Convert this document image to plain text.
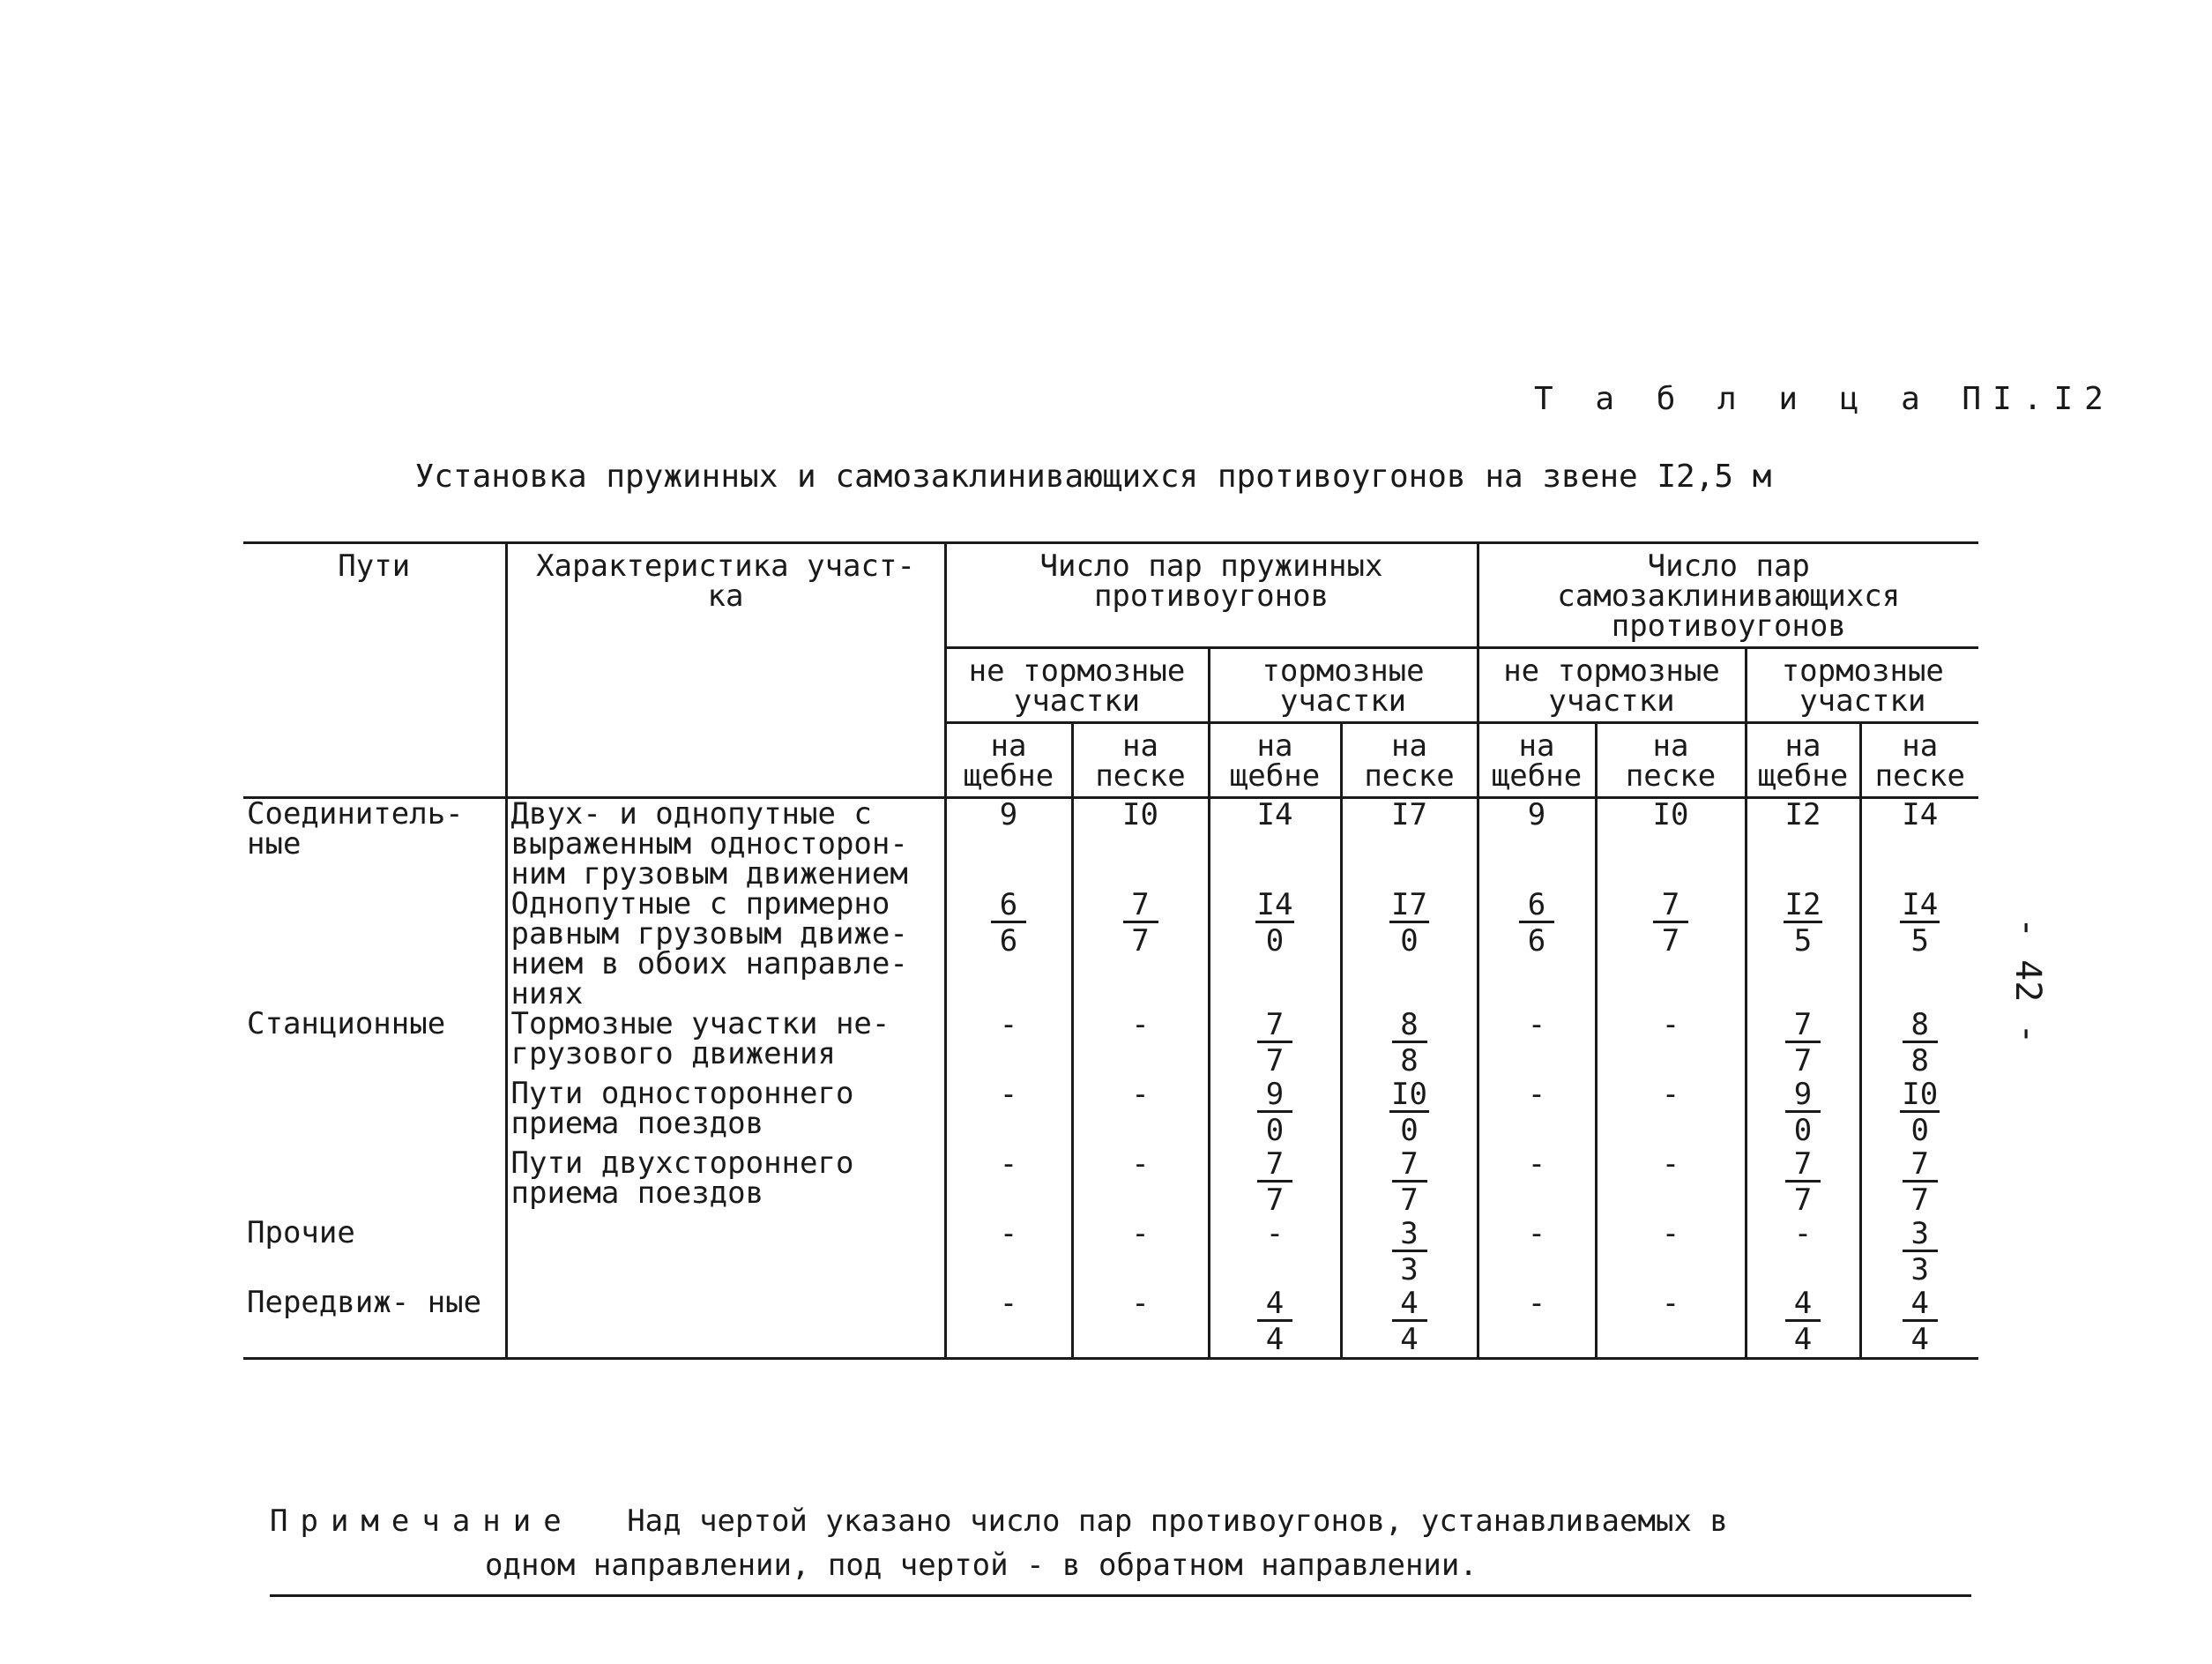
Т а б л и ц а ПI.I2
Установка пружинных и самозаклинивающихся противоугонов на звене I2,5 м
Пути	Характеристика участ- ка	Число пар пружинных противоугонов				Число пар самозаклинивающихся противоугонов			
		не тормозные участки		тормозные участки		не тормозные участки		тормозные участки	
		на щебне	на песке	на щебне	на песке	на щебне	на песке	на щебне	на песке
Соединитель- ные	Двух- и однопутные с выраженным односторон- ним грузовым движением	9	I0	I4	I7	9	I0	I2	I4
	Однопутные с примерно равным грузовым движе- нием в обоих направле- ниях	$\frac{6}{6}$	$\frac{7}{7}$	$\frac{I4}{0}$	$\frac{I7}{0}$	$\frac{6}{6}$	$\frac{7}{7}$	$\frac{I2}{5}$	$\frac{I4}{5}$

Станционные	Тормозные участки не- грузового движения	-	-	$\frac{7}{7}$	$\frac{8}{8}$	-	-	$\frac{7}{7}$	$\frac{8}{8}$

	Пути одностороннего приема поездов	-	-	$\frac{9}{0}$	$\frac{I0}{0}$	-	-	$\frac{9}{0}$	$\frac{I0}{0}$

	Пути двухстороннего приема поездов	-	-	$\frac{7}{7}$	$\frac{7}{7}$	-	-	$\frac{7}{7}$	$\frac{7}{7}$

Прочие		-	-	-	$\frac{3}{3}$	-	-	-	$\frac{3}{3}$

Передвиж- ные		-	-	$\frac{4}{4}$	$\frac{4}{4}$	-	-	$\frac{4}{4}$	$\frac{4}{4}$
Примечание Над чертой указано число пар противоугонов, устанавливаемых в
одном направлении, под чертой - в обратном направлении.
- 42 -
